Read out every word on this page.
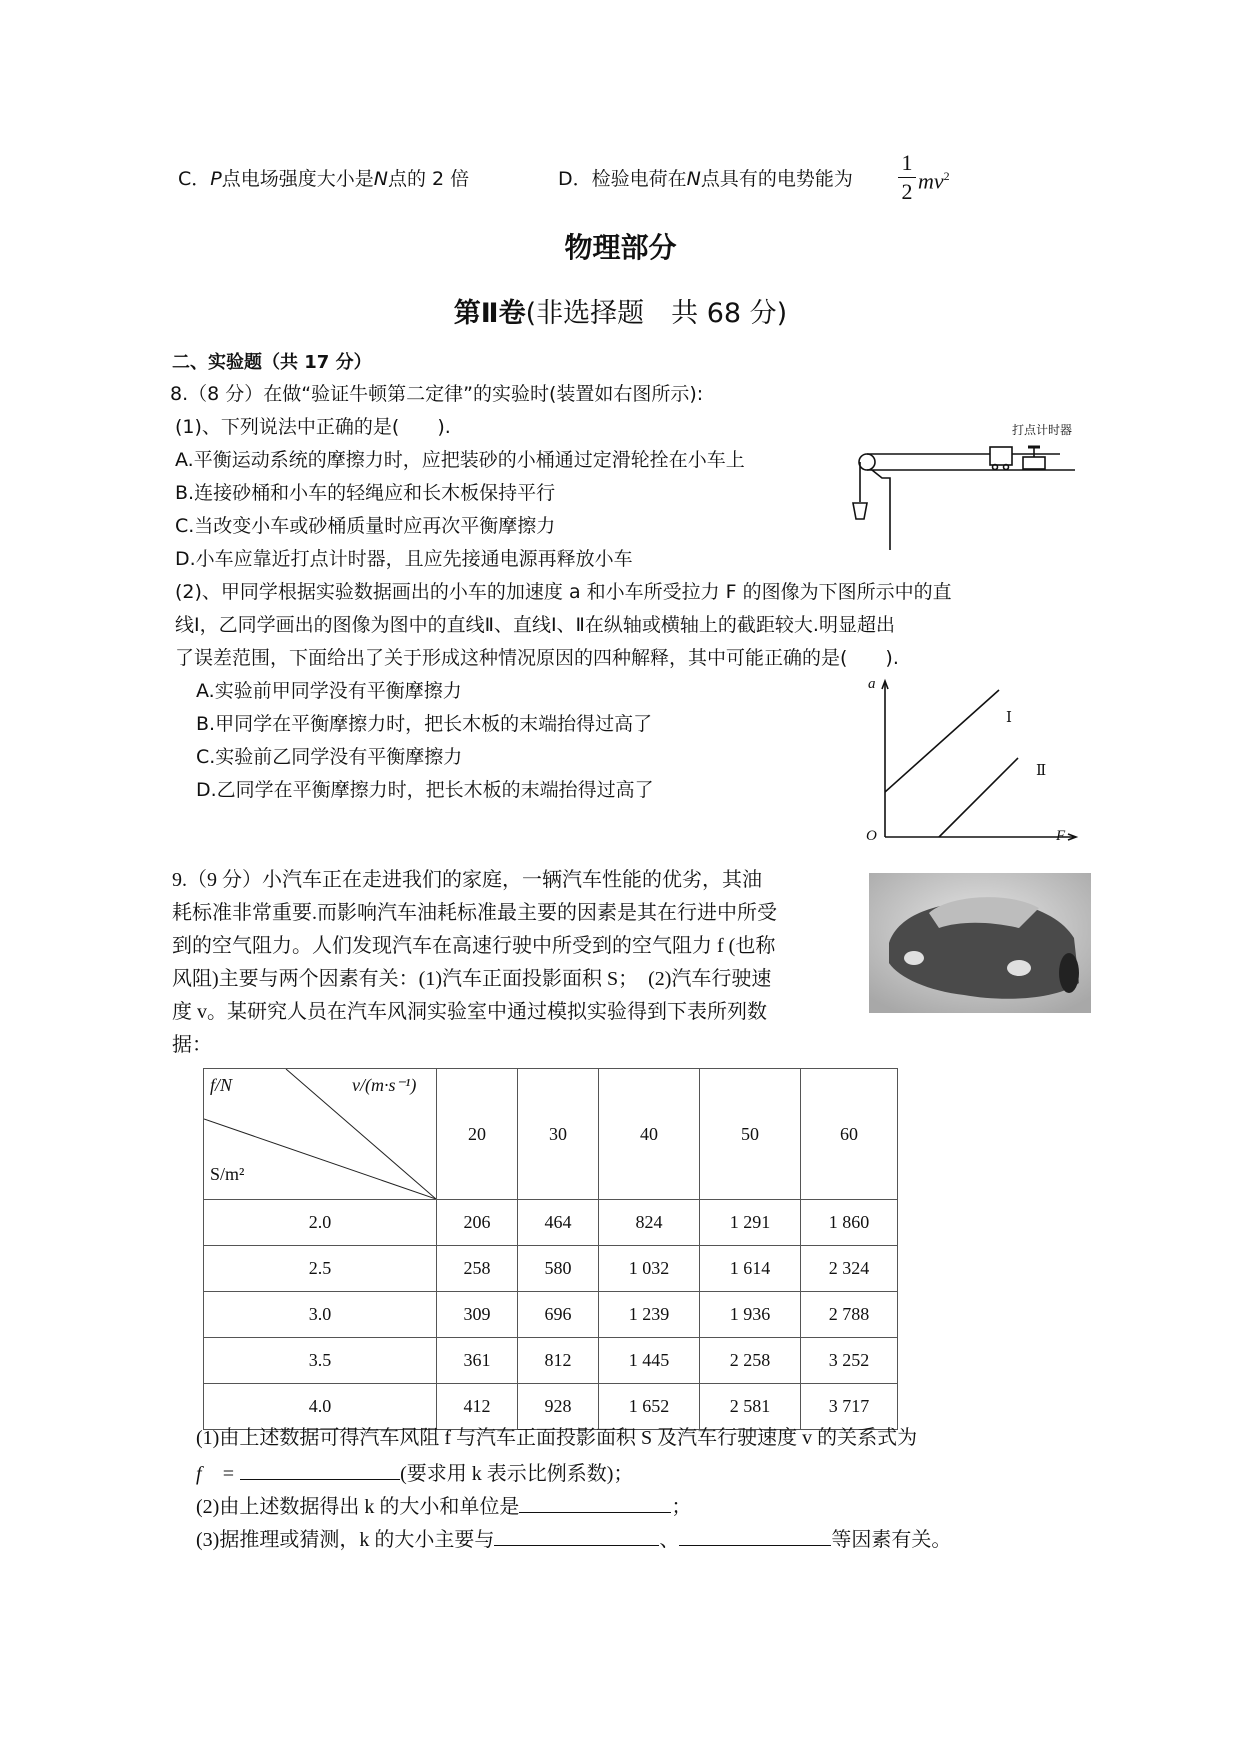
C．P点电场强度大小是N点的 2 倍	D．检验电荷在N点具有的电势能为
1
2 $mv^2$
物理部分
第Ⅱ卷(非选择题　共 68 分)
二、实验题（共 17 分）
8.（8 分）在做“验证牛顿第二定律”的实验时(装置如右图所示):
(1)、下列说法中正确的是(　　).
A.平衡运动系统的摩擦力时，应把装砂的小桶通过定滑轮拴在小车上
B.连接砂桶和小车的轻绳应和长木板保持平行
C.当改变小车或砂桶质量时应再次平衡摩擦力
D.小车应靠近打点计时器，且应先接通电源再释放小车
(2)、甲同学根据实验数据画出的小车的加速度 a 和小车所受拉力 F 的图像为下图所示中的直
线Ⅰ，乙同学画出的图像为图中的直线Ⅱ、直线Ⅰ、Ⅱ在纵轴或横轴上的截距较大.明显超出
了误差范围，下面给出了关于形成这种情况原因的四种解释，其中可能正确的是(　　).
A.实验前甲同学没有平衡摩擦力
B.甲同学在平衡摩擦力时，把长木板的末端抬得过高了
C.实验前乙同学没有平衡摩擦力
D.乙同学在平衡摩擦力时，把长木板的末端抬得过高了
打点计时器
a
F
O
Ⅰ
Ⅱ
9.（9 分）小汽车正在走进我们的家庭，一辆汽车性能的优劣，其油
耗标准非常重要.而影响汽车油耗标准最主要的因素是其在行进中所受
到的空气阻力。人们发现汽车在高速行驶中所受到的空气阻力 f (也称
风阻)主要与两个因素有关：(1)汽车正面投影面积 S；　(2)汽车行驶速
度 v。某研究人员在汽车风洞实验室中通过模拟实验得到下表所列数
据：
f/N v/(m·s⁻¹)
S/m²	20	30	40	50	60
2.0	206	464	824	1 291	1 860
2.5	258	580	1 032	1 614	2 324
3.0	309	696	1 239	1 936	2 788
3.5	361	812	1 445	2 258	3 252
4.0	412	928	1 652	2 581	3 717
(1)由上述数据可得汽车风阻 f 与汽车正面投影面积 S 及汽车行驶速度 v 的关系式为
f　=	(要求用 k 表示比例系数)；
(2)由上述数据得出 k 的大小和单位是	；
(3)据推理或猜测，k 的大小主要与	、	等因素有关。
